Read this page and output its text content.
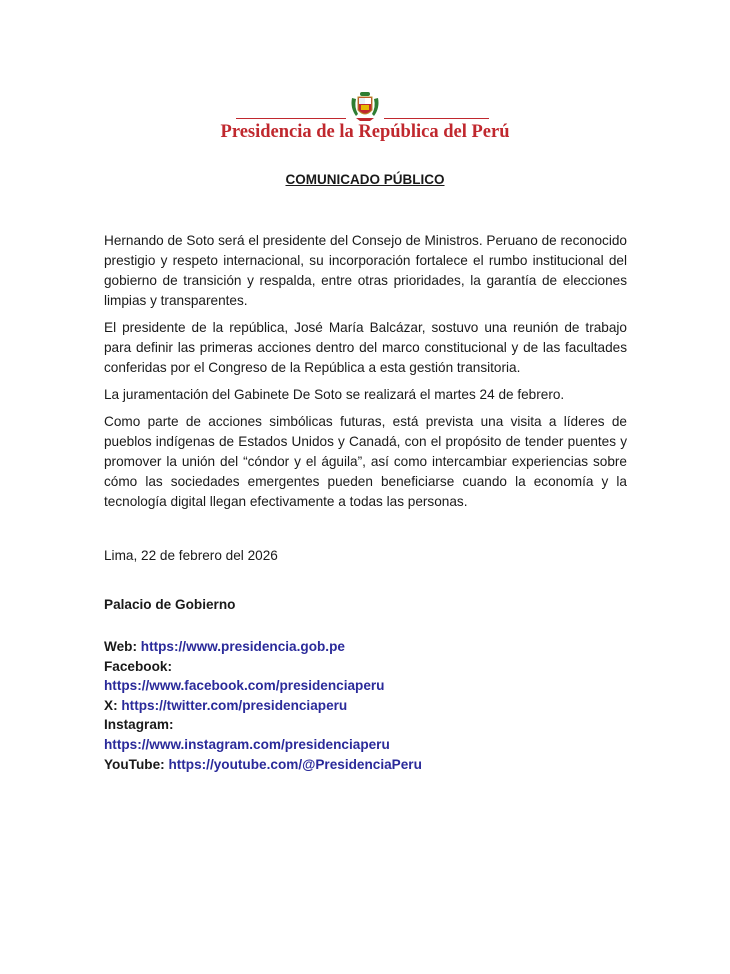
Presidencia de la República del Perú
COMUNICADO PÚBLICO

Hernando de Soto será el presidente del Consejo de Ministros. Peruano de reconocido prestigio y respeto internacional, su incorporación fortalece el rumbo institucional del gobierno de transición y respalda, entre otras prioridades, la garantía de elecciones limpias y transparentes.

El presidente de la república, José María Balcázar, sostuvo una reunión de trabajo para definir las primeras acciones dentro del marco constitucional y de las facultades conferidas por el Congreso de la República a esta gestión transitoria.

La juramentación del Gabinete De Soto se realizará el martes 24 de febrero.

Como parte de acciones simbólicas futuras, está prevista una visita a líderes de pueblos indígenas de Estados Unidos y Canadá, con el propósito de tender puentes y promover la unión del “cóndor y el águila”, así como intercambiar experiencias sobre cómo las sociedades emergentes pueden beneficiarse cuando la economía y la tecnología digital llegan efectivamente a todas las personas.

Lima, 22 de febrero del 2026
Palacio de Gobierno
Web: https://www.presidencia.gob.pe
Facebook:
https://www.facebook.com/presidenciaperu
X: https://twitter.com/presidenciaperu
Instagram:
https://www.instagram.com/presidenciaperu
YouTube: https://youtube.com/@PresidenciaPeru
